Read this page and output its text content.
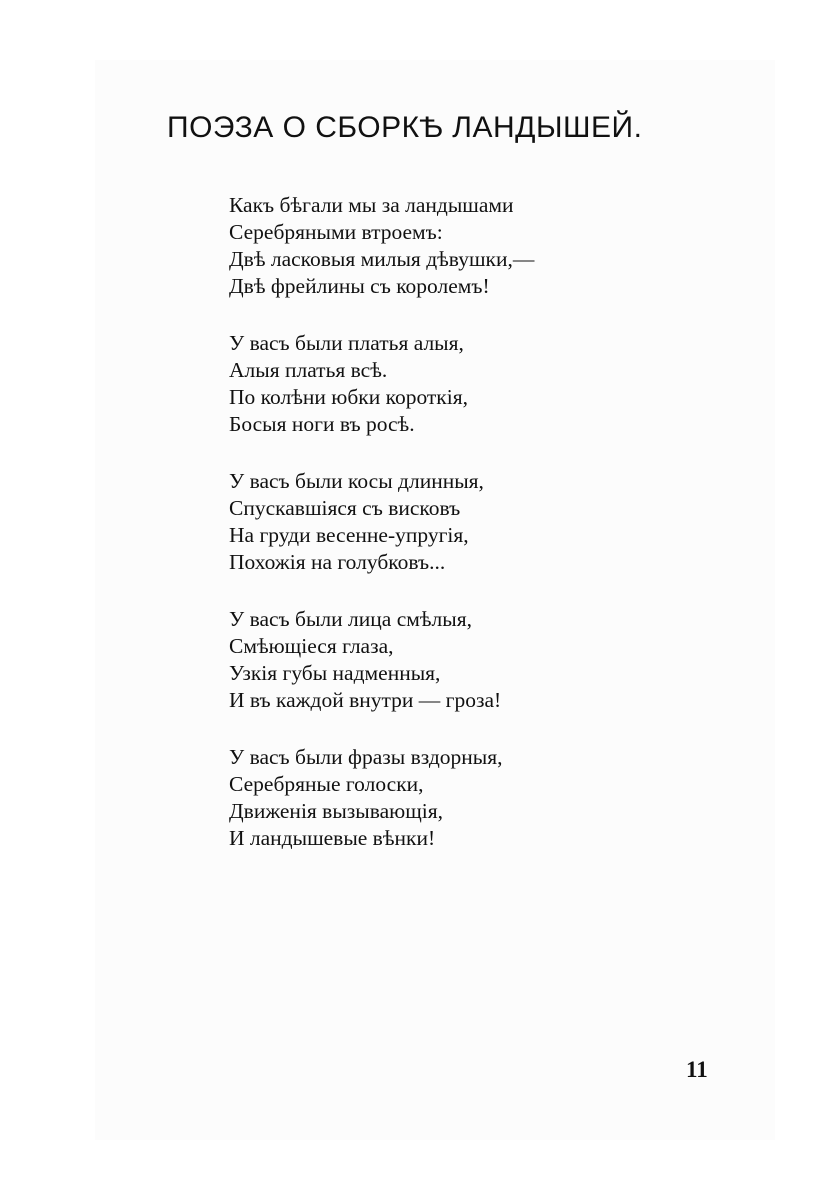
ПОЭЗА О СБОРКѢ ЛАНДЫШЕЙ.

Какъ бѣгали мы за ландышами
Серебряными втроемъ:
Двѣ ласковыя милыя дѣвушки,—
Двѣ фрейлины съ королемъ!

У васъ были платья алыя,
Алыя платья всѣ.
По колѣни юбки короткія,
Босыя ноги въ росѣ.

У васъ были косы длинныя,
Спускавшіяся съ висковъ
На груди весенне-упругія,
Похожія на голубковъ...

У васъ были лица смѣлыя,
Смѣющіеся глаза,
Узкія губы надменныя,
И въ каждой внутри — гроза!

У васъ были фразы вздорныя,
Серебряные голоски,
Движенія вызывающія,
И ландышевые вѣнки!

11
